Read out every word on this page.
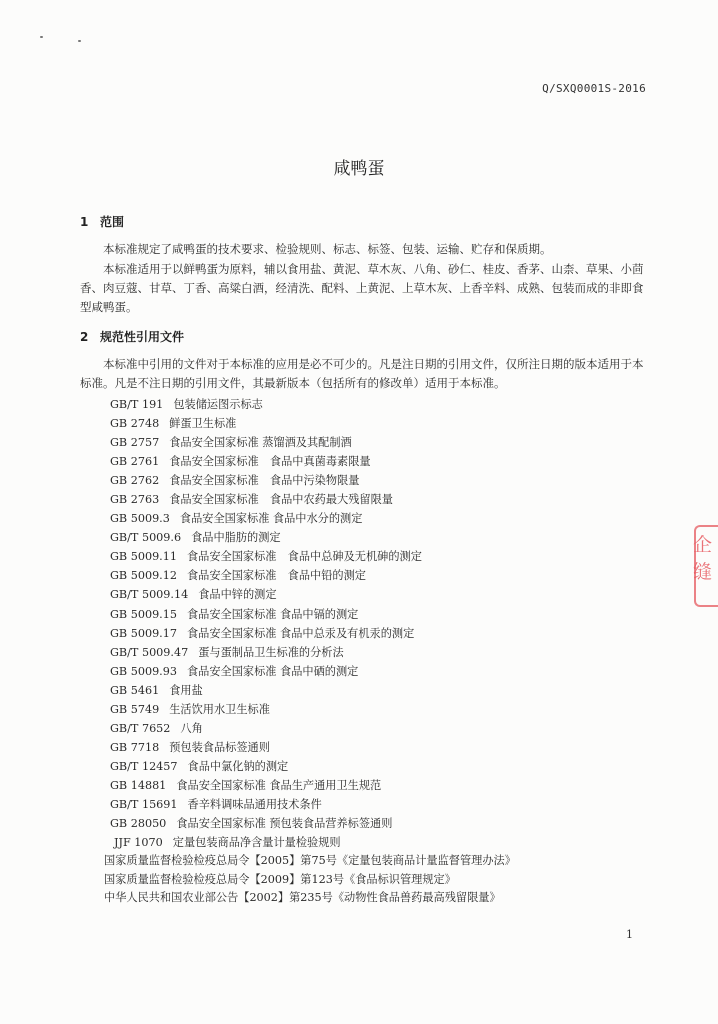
Q/SXQ0001S-2016
咸鸭蛋
1 范围
本标准规定了咸鸭蛋的技术要求、检验规则、标志、标签、包装、运输、贮存和保质期。
本标准适用于以鲜鸭蛋为原料，辅以食用盐、黄泥、草木灰、八角、砂仁、桂皮、香茅、山柰、草果、小茴香、肉豆蔻、甘草、丁香、高粱白酒，经清洗、配料、上黄泥、上草木灰、上香辛料、成熟、包装而成的非即食型咸鸭蛋。
2 规范性引用文件
本标准中引用的文件对于本标准的应用是必不可少的。凡是注日期的引用文件，仅所注日期的版本适用于本标准。凡是不注日期的引用文件，其最新版本（包括所有的修改单）适用于本标准。
GB/T 191 包装储运图示标志
GB 2748 鲜蛋卫生标准
GB 2757 食品安全国家标准 蒸馏酒及其配制酒
GB 2761 食品安全国家标准　食品中真菌毒素限量
GB 2762 食品安全国家标准　食品中污染物限量
GB 2763 食品安全国家标准　食品中农药最大残留限量
GB 5009.3 食品安全国家标准 食品中水分的测定
GB/T 5009.6 食品中脂肪的测定
GB 5009.11 食品安全国家标准　食品中总砷及无机砷的测定
GB 5009.12 食品安全国家标准　食品中铅的测定
GB/T 5009.14 食品中锌的测定
GB 5009.15 食品安全国家标准 食品中镉的测定
GB 5009.17 食品安全国家标准 食品中总汞及有机汞的测定
GB/T 5009.47 蛋与蛋制品卫生标准的分析法
GB 5009.93 食品安全国家标准 食品中硒的测定
GB 5461 食用盐
GB 5749 生活饮用水卫生标准
GB/T 7652 八角
GB 7718 预包装食品标签通则
GB/T 12457 食品中氯化钠的测定
GB 14881 食品安全国家标准 食品生产通用卫生规范
GB/T 15691 香辛料调味品通用技术条件
GB 28050 食品安全国家标准 预包装食品营养标签通则
JJF 1070 定量包装商品净含量计量检验规则
国家质量监督检验检疫总局令【2005】第75号《定量包装商品计量监督管理办法》
国家质量监督检验检疫总局令【2009】第123号《食品标识管理规定》
中华人民共和国农业部公告【2002】第235号《动物性食品兽药最高残留限量》
1
企缝
